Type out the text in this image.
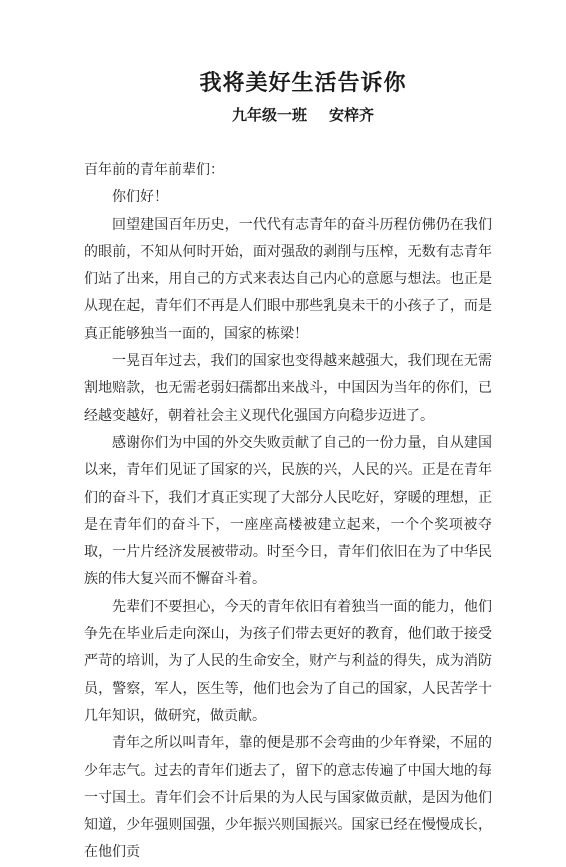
我将美好生活告诉你
九年级一班 安梓齐

百年前的青年前辈们：

你们好！

回望建国百年历史，一代代有志青年的奋斗历程仿佛仍在我们的眼前，不知从何时开始，面对强敌的剥削与压榨，无数有志青年们站了出来，用自己的方式来表达自己内心的意愿与想法。也正是从现在起，青年们不再是人们眼中那些乳臭未干的小孩子了，而是真正能够独当一面的，国家的栋梁！

一晃百年过去，我们的国家也变得越来越强大，我们现在无需割地赔款，也无需老弱妇孺都出来战斗，中国因为当年的你们，已经越变越好，朝着社会主义现代化强国方向稳步迈进了。

感谢你们为中国的外交失败贡献了自己的一份力量，自从建国以来，青年们见证了国家的兴，民族的兴，人民的兴。正是在青年们的奋斗下，我们才真正实现了大部分人民吃好，穿暖的理想，正是在青年们的奋斗下，一座座高楼被建立起来，一个个奖项被夺取，一片片经济发展被带动。时至今日，青年们依旧在为了中华民族的伟大复兴而不懈奋斗着。

先辈们不要担心，今天的青年依旧有着独当一面的能力，他们争先在毕业后走向深山，为孩子们带去更好的教育，他们敢于接受严苛的培训，为了人民的生命安全，财产与利益的得失，成为消防员，警察，军人，医生等，他们也会为了自己的国家，人民苦学十几年知识，做研究，做贡献。

青年之所以叫青年，靠的便是那不会弯曲的少年脊梁，不屈的少年志气。过去的青年们逝去了，留下的意志传遍了中国大地的每一寸国土。青年们会不计后果的为人民与国家做贡献，是因为他们知道，少年强则国强，少年振兴则国振兴。国家已经在慢慢成长，在他们贡
